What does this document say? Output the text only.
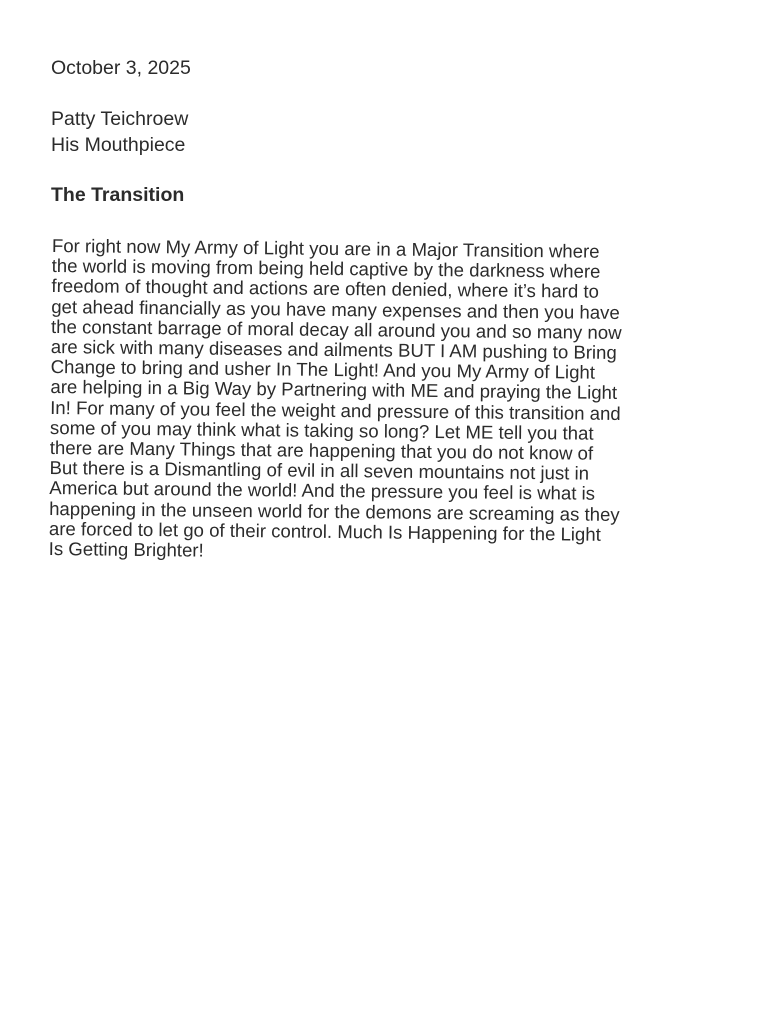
October 3, 2025

Patty Teichroew
His Mouthpiece
The Transition
For right now My Army of Light you are in a Major Transition where
the world is moving from being held captive by the darkness where
freedom of thought and actions are often denied, where it’s hard to
get ahead financially as you have many expenses and then you have
the constant barrage of moral decay all around you and so many now
are sick with many diseases and ailments BUT I AM pushing to Bring
Change to bring and usher In The Light! And you My Army of Light
are helping in a Big Way by Partnering with ME and praying the Light
In! For many of you feel the weight and pressure of this transition and
some of you may think what is taking so long? Let ME tell you that
there are Many Things that are happening that you do not know of
But there is a Dismantling of evil in all seven mountains not just in
America but around the world! And the pressure you feel is what is
happening in the unseen world for the demons are screaming as they
are forced to let go of their control. Much Is Happening for the Light
Is Getting Brighter!
